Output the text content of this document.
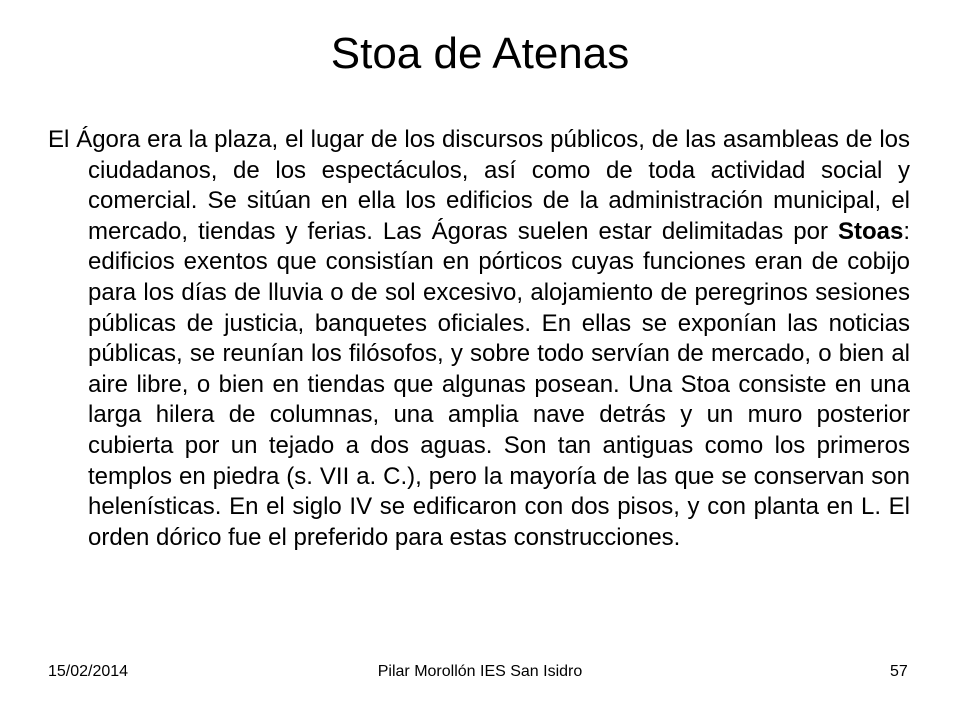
Stoa de Atenas

El Ágora era la plaza, el lugar de los discursos públicos, de las asambleas de los ciudadanos, de los espectáculos, así como de toda actividad social y comercial. Se sitúan en ella los edificios de la administración municipal, el mercado, tiendas y ferias. Las Ágoras suelen estar delimitadas por Stoas: edificios exentos que consistían en pórticos cuyas funciones eran de cobijo para los días de lluvia o de sol excesivo, alojamiento de peregrinos sesiones públicas de justicia, banquetes oficiales. En ellas se exponían las noticias públicas, se reunían los filósofos, y sobre todo servían de mercado, o bien al aire libre, o bien en tiendas que algunas posean. Una Stoa consiste en una larga hilera de columnas, una amplia nave detrás y un muro posterior cubierta por un tejado a dos aguas. Son tan antiguas como los primeros templos en piedra (s. VII a. C.), pero la mayoría de las que se conservan son helenísticas. En el siglo IV se edificaron con dos pisos, y con planta en L. El orden dórico fue el preferido para estas construcciones.

15/02/2014	Pilar Morollón IES San Isidro	57
